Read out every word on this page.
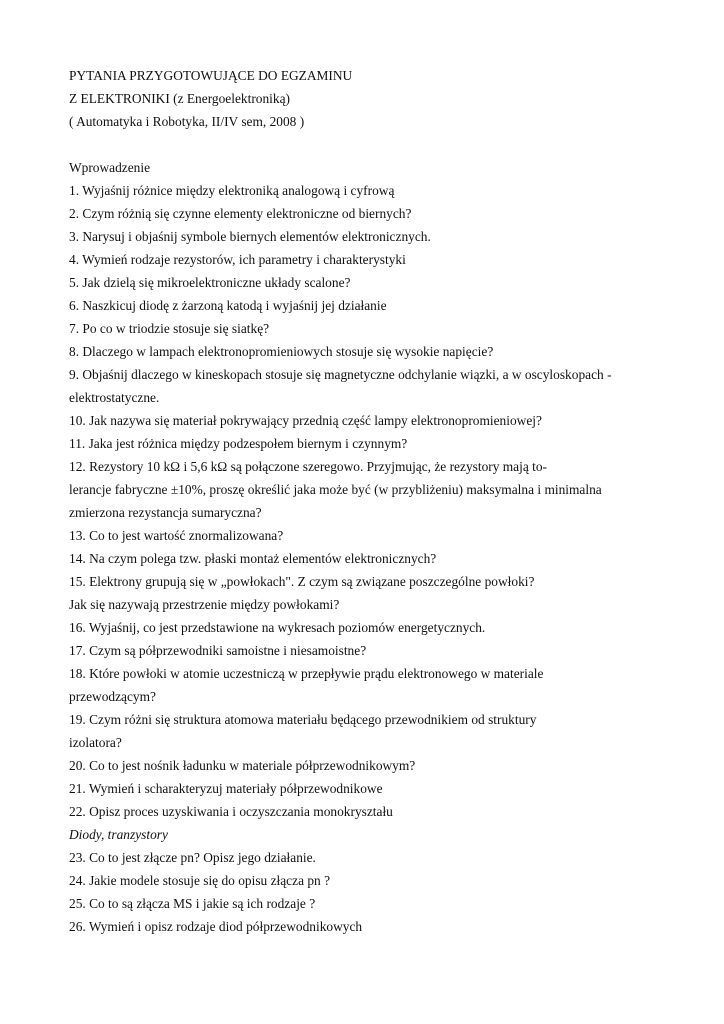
PYTANIA PRZYGOTOWUJĄCE DO EGZAMINU
Z ELEKTRONIKI (z Energoelektroniką)
( Automatyka i Robotyka, II/IV sem, 2008 )
Wprowadzenie
1. Wyjaśnij różnice między elektroniką analogową i cyfrową
2. Czym różnią się czynne elementy elektroniczne od biernych?
3. Narysuj i objaśnij symbole biernych elementów elektronicznych.
4. Wymień rodzaje rezystorów, ich parametry i charakterystyki
5. Jak dzielą się mikroelektroniczne układy scalone?
6. Naszkicuj diodę z żarzoną katodą i wyjaśnij jej działanie
7. Po co w triodzie stosuje się siatkę?
8. Dlaczego w lampach elektronopromieniowych stosuje się wysokie napięcie?
9. Objaśnij dlaczego w kineskopach stosuje się magnetyczne odchylanie wiązki, a w oscyloskopach -
elektrostatyczne.
10. Jak nazywa się materiał pokrywający przednią część lampy elektronopromieniowej?
11. Jaka jest różnica między podzespołem biernym i czynnym?
12. Rezystory 10 kΩ i 5,6 kΩ są połączone szeregowo. Przyjmując, że rezystory mają to-
lerancje fabryczne ±10%, proszę określić jaka może być (w przybliżeniu) maksymalna i minimalna
zmierzona rezystancja sumaryczna?
13. Co to jest wartość znormalizowana?
14. Na czym polega tzw. płaski montaż elementów elektronicznych?
15. Elektrony grupują się w „powłokach". Z czym są związane poszczególne powłoki?
Jak się nazywają przestrzenie między powłokami?
16. Wyjaśnij, co jest przedstawione na wykresach poziomów energetycznych.
17. Czym są półprzewodniki samoistne i niesamoistne?
18. Które powłoki w atomie uczestniczą w przepływie prądu elektronowego w materiale
przewodzącym?
19. Czym różni się struktura atomowa materiału będącego przewodnikiem od struktury
izolatora?
20. Co to jest nośnik ładunku w materiale półprzewodnikowym?
21. Wymień i scharakteryzuj materiały półprzewodnikowe
22. Opisz proces uzyskiwania i oczyszczania monokryształu
Diody, tranzystory
23. Co to jest złącze pn? Opisz jego działanie.
24. Jakie modele stosuje się do opisu złącza pn ?
25. Co to są złącza MS i jakie są ich rodzaje ?
26. Wymień i opisz rodzaje diod półprzewodnikowych
